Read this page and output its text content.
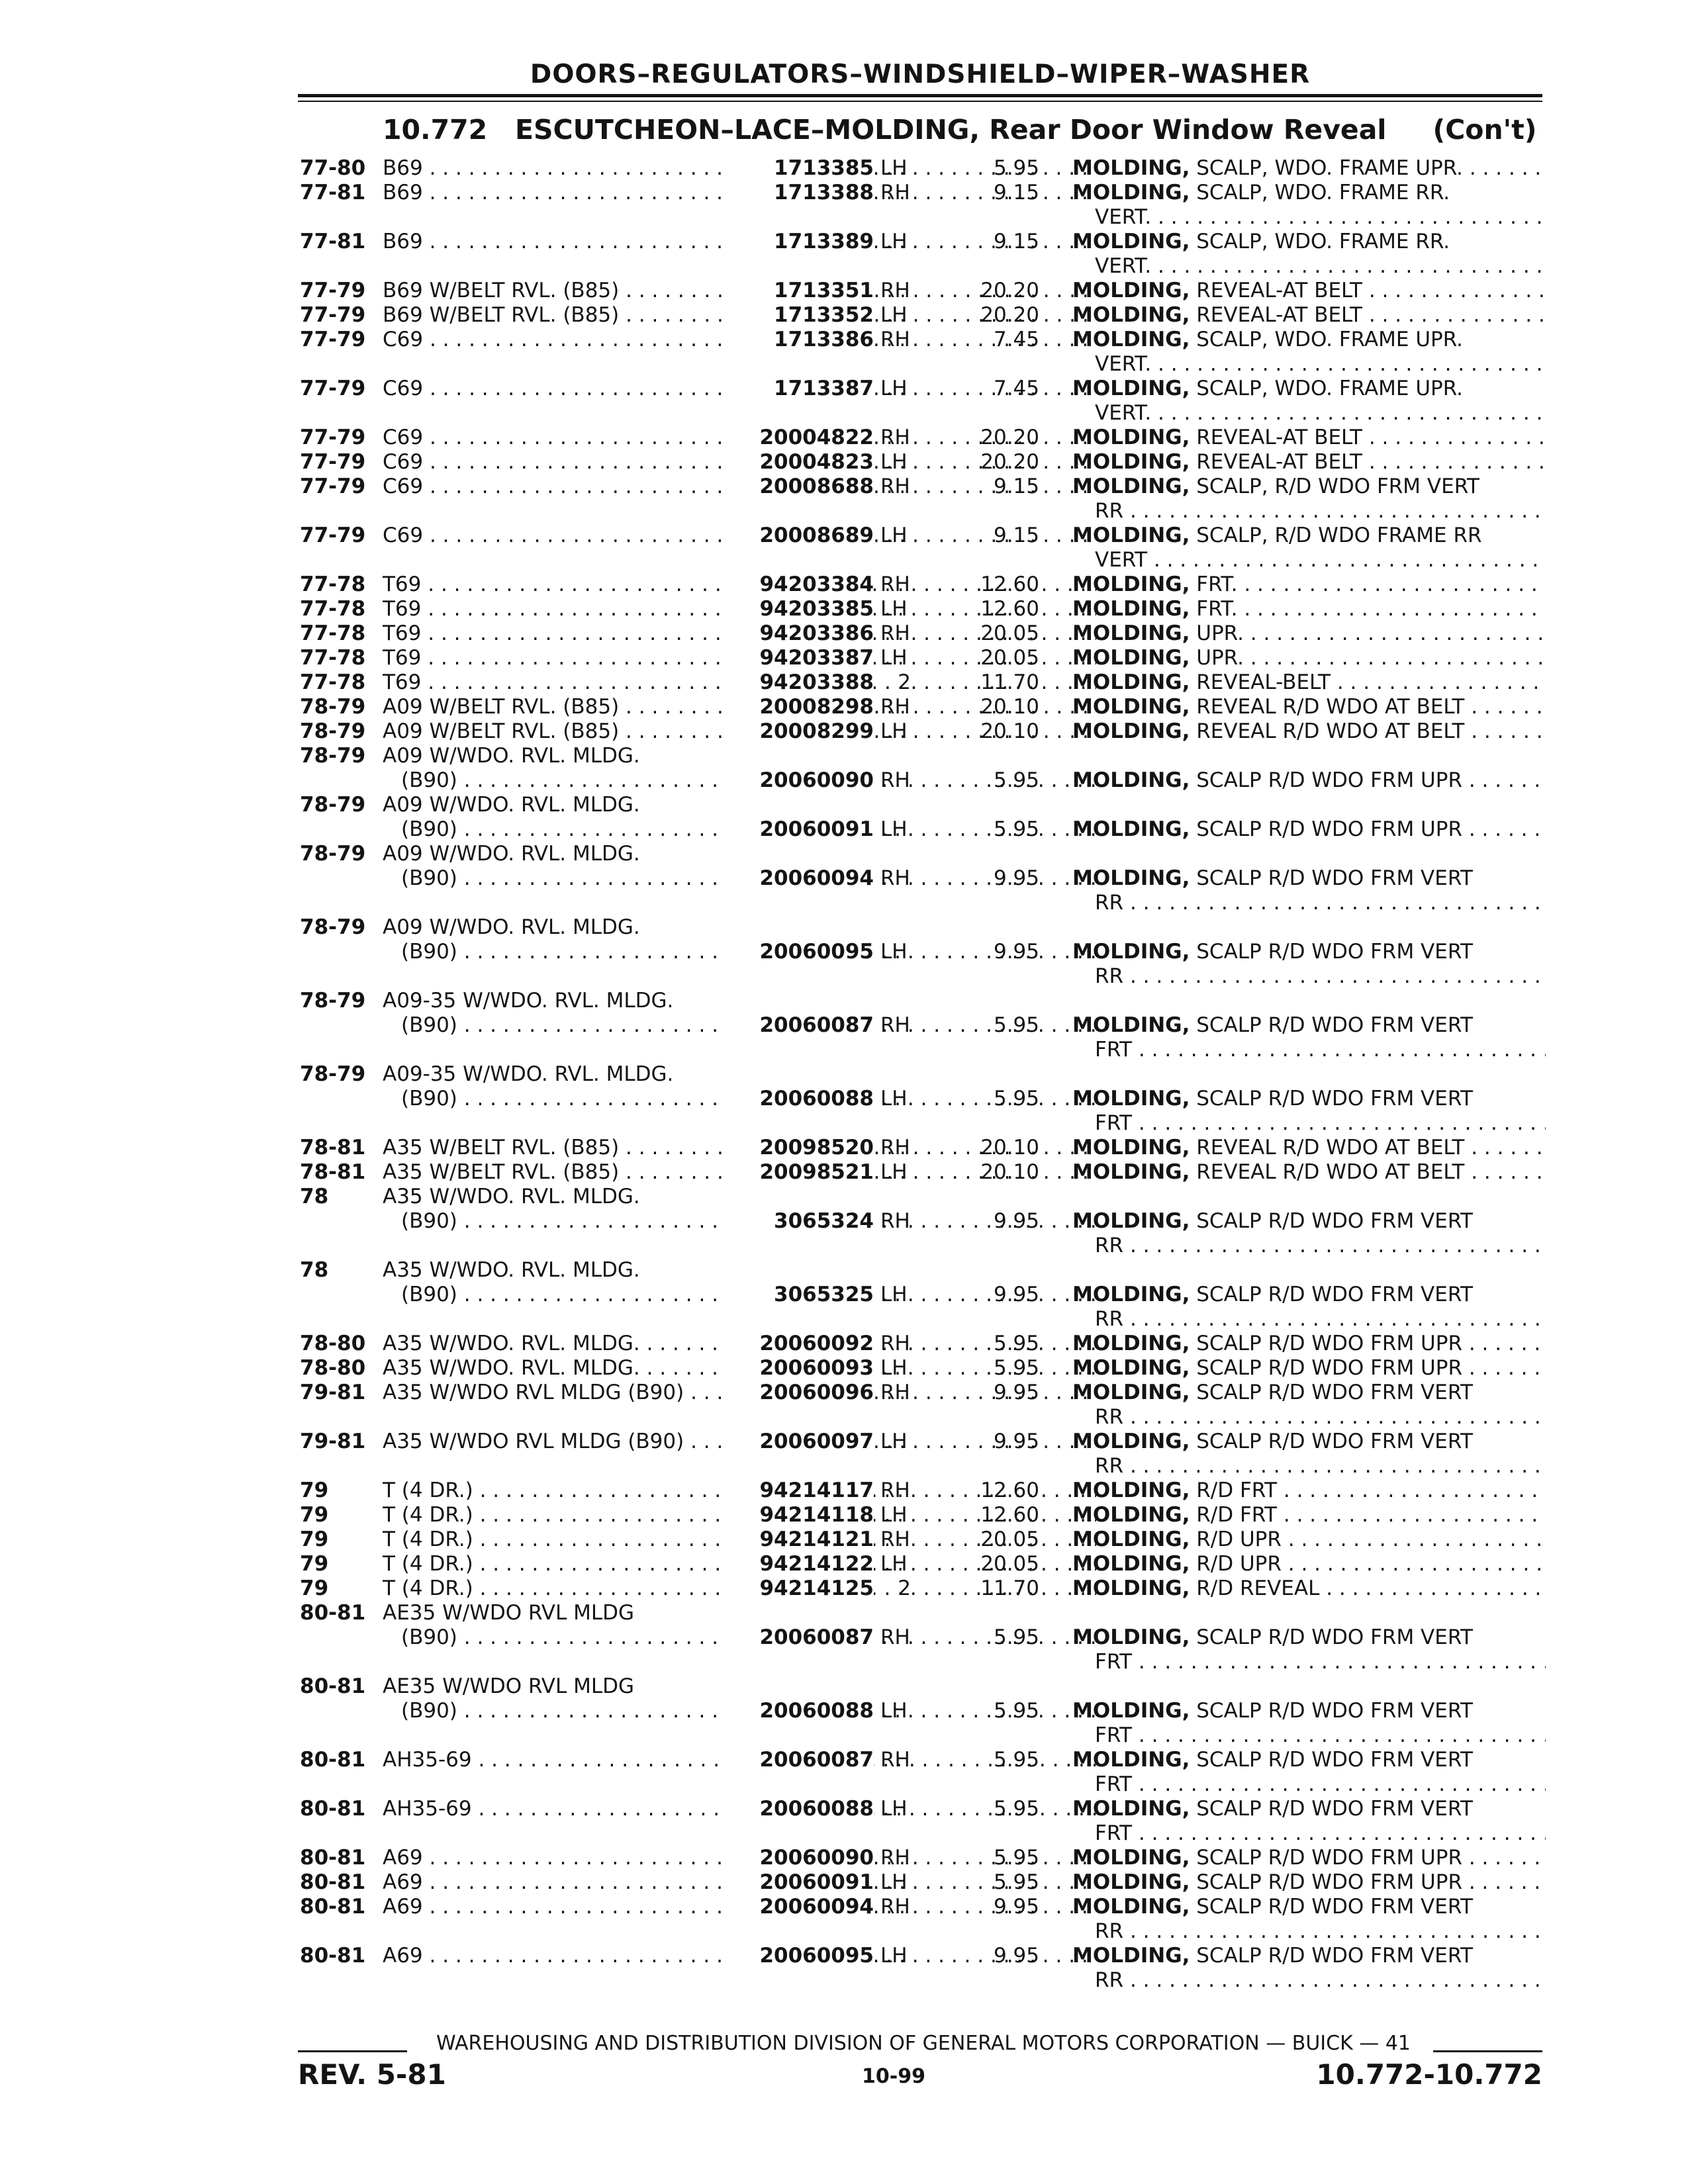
DOORS–REGULATORS–WINDSHIELD–WIPER–WASHER
10.772 ESCUTCHEON–LACE–MOLDING, Rear Door Window Reveal (Con't)
77-80 B69 . . .	1713385 LH	5.95 MOLDING, SCALP, WDO. FRAME UPR. . . .
77-81 B69 . . .	1713388 RH	9.15 MOLDING, SCALP, WDO. FRAME RR.
VERT. . . .
77-81 B69 . . .	1713389 LH	9.15 MOLDING, SCALP, WDO. FRAME RR.
VERT. . . .
77-79 B69 W/BELT RVL. (B85) . . .	1713351 RH	20.20 MOLDING, REVEAL-AT BELT . . .
77-79 B69 W/BELT RVL. (B85) . . .	1713352 LH	20.20 MOLDING, REVEAL-AT BELT . . .
77-79 C69 . . .	1713386 RH	7.45 MOLDING, SCALP, WDO. FRAME UPR.
VERT. . . .
77-79 C69 . . .	1713387 LH	7.45 MOLDING, SCALP, WDO. FRAME UPR.
VERT. . . .
77-79 C69 . . .	20004822 RH	20.20 MOLDING, REVEAL-AT BELT . . .
77-79 C69 . . .	20004823 LH	20.20 MOLDING, REVEAL-AT BELT . . .
77-79 C69 . . .	20008688 RH	9.15 MOLDING, SCALP, R/D WDO FRM VERT
RR . . .
77-79 C69 . . .	20008689 LH	9.15 MOLDING, SCALP, R/D WDO FRAME RR
VERT . . .
77-78 T69 . . .	94203384 RH	12.60 MOLDING, FRT. . . .
77-78 T69 . . .	94203385 LH	12.60 MOLDING, FRT. . . .
77-78 T69 . . .	94203386 RH	20.05 MOLDING, UPR. . . .
77-78 T69 . . .	94203387 LH	20.05 MOLDING, UPR. . . .
77-78 T69 . . .	94203388	2	11.70 MOLDING, REVEAL-BELT . . .
78-79 A09 W/BELT RVL. (B85) . . .	20008298 RH	20.10 MOLDING, REVEAL R/D WDO AT BELT . . .
78-79 A09 W/BELT RVL. (B85) . . .	20008299 LH	20.10 MOLDING, REVEAL R/D WDO AT BELT . . .
78-79 A09 W/WDO. RVL. MLDG.
(B90) . . .	20060090 RH	5.95 MOLDING, SCALP R/D WDO FRM UPR . . .
78-79 A09 W/WDO. RVL. MLDG.
(B90) . . .	20060091 LH	5.95 MOLDING, SCALP R/D WDO FRM UPR . . .
78-79 A09 W/WDO. RVL. MLDG.
(B90) . . .	20060094 RH	9.95 MOLDING, SCALP R/D WDO FRM VERT
RR . . .
78-79 A09 W/WDO. RVL. MLDG.
(B90) . . .	20060095 LH	9.95 MOLDING, SCALP R/D WDO FRM VERT
RR . . .
78-79 A09-35 W/WDO. RVL. MLDG.
(B90) . . .	20060087 RH	5.95 MOLDING, SCALP R/D WDO FRM VERT
FRT . . .
78-79 A09-35 W/WDO. RVL. MLDG.
(B90) . . .	20060088 LH	5.95 MOLDING, SCALP R/D WDO FRM VERT
FRT . . .
78-81 A35 W/BELT RVL. (B85) . . .	20098520 RH	20.10 MOLDING, REVEAL R/D WDO AT BELT . . .
78-81 A35 W/BELT RVL. (B85) . . .	20098521 LH	20.10 MOLDING, REVEAL R/D WDO AT BELT . . .
78	A35 W/WDO. RVL. MLDG.
(B90) . . .	3065324 RH	9.95 MOLDING, SCALP R/D WDO FRM VERT
RR . . .
78	A35 W/WDO. RVL. MLDG.
(B90) . . .	3065325 LH	9.95 MOLDING, SCALP R/D WDO FRM VERT
RR . . .
78-80 A35 W/WDO. RVL. MLDG. . . .	20060092 RH	5.95 MOLDING, SCALP R/D WDO FRM UPR . . .
78-80 A35 W/WDO. RVL. MLDG. . . .	20060093 LH	5.95 MOLDING, SCALP R/D WDO FRM UPR . . .
79-81 A35 W/WDO RVL MLDG (B90) . . .	20060096 RH	9.95 MOLDING, SCALP R/D WDO FRM VERT
RR . . .
79-81 A35 W/WDO RVL MLDG (B90) . . .	20060097 LH	9.95 MOLDING, SCALP R/D WDO FRM VERT
RR . . .
79	T (4 DR.) . . .	94214117 RH	12.60 MOLDING, R/D FRT . . .
79	T (4 DR.) . . .	94214118 LH	12.60 MOLDING, R/D FRT . . .
79	T (4 DR.) . . .	94214121 RH	20.05 MOLDING, R/D UPR . . .
79	T (4 DR.) . . .	94214122 LH	20.05 MOLDING, R/D UPR . . .
79	T (4 DR.) . . .	94214125	2	11.70 MOLDING, R/D REVEAL . . .
80-81 AE35 W/WDO RVL MLDG
(B90) . . .	20060087 RH	5.95 MOLDING, SCALP R/D WDO FRM VERT
FRT . . .
80-81 AE35 W/WDO RVL MLDG
(B90) . . .	20060088 LH	5.95 MOLDING, SCALP R/D WDO FRM VERT
FRT . . .
80-81 AH35-69 . . .	20060087 RH	5.95 MOLDING, SCALP R/D WDO FRM VERT
FRT . . .
80-81 AH35-69 . . .	20060088 LH	5.95 MOLDING, SCALP R/D WDO FRM VERT
FRT . . .
80-81 A69 . . .	20060090 RH	5.95 MOLDING, SCALP R/D WDO FRM UPR . . .
80-81 A69 . . .	20060091 LH	5.95 MOLDING, SCALP R/D WDO FRM UPR . . .
80-81 A69 . . .	20060094 RH	9.95 MOLDING, SCALP R/D WDO FRM VERT
RR . . .
80-81 A69 . . .	20060095 LH	9.95 MOLDING, SCALP R/D WDO FRM VERT
RR . . .
WAREHOUSING AND DISTRIBUTION DIVISION OF GENERAL MOTORS CORPORATION — BUICK — 41
REV. 5-81	10-99	10.772-10.772
